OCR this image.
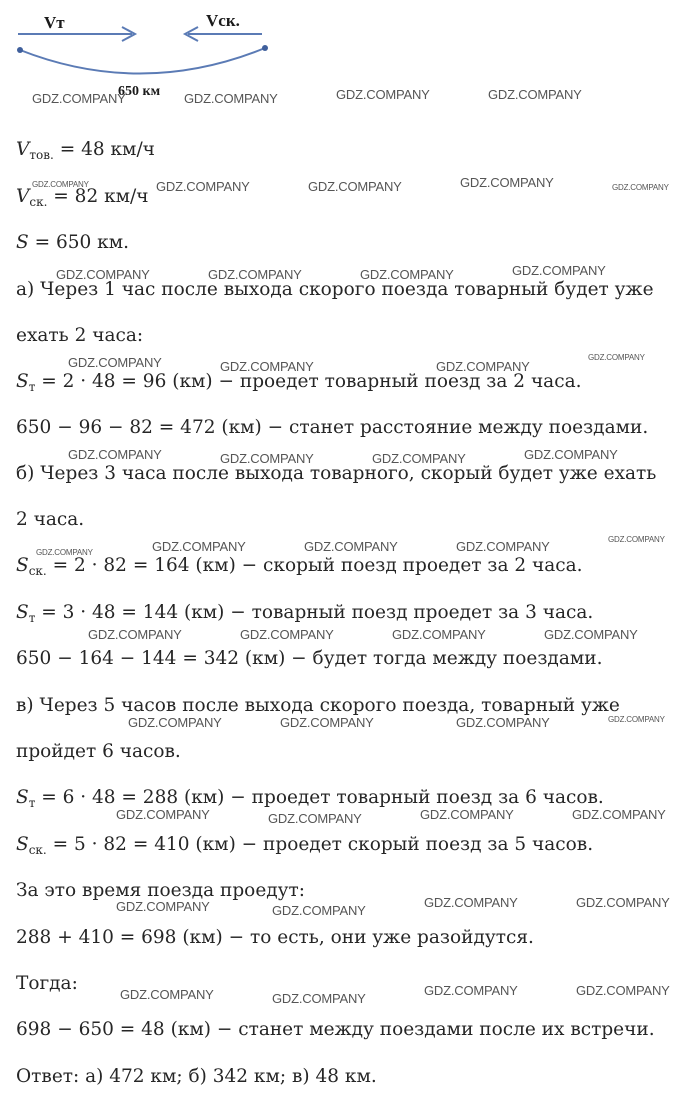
Vт	Vск.
650 км
$V_{тов.} = 48$ км/ч
$V_{ск.} = 82$ км/ч
S = 650 км.
а) Через 1 час после выхода скорого поезда товарный будет уже
ехать 2 часа:
$S_т = 2 \cdot 48 = 96$ (км) − проедет товарный поезд за 2 часа.
650 − 96 − 82 = 472 (км) − станет расстояние между поездами.
б) Через 3 часа после выхода товарного, скорый будет уже ехать
2 часа.
$S_{ск.} = 2 \cdot 82 = 164$ (км) − скорый поезд проедет за 2 часа.
$S_т = 3 \cdot 48 = 144$ (км) − товарный поезд проедет за 3 часа.
650 − 164 − 144 = 342 (км) − будет тогда между поездами.
в) Через 5 часов после выхода скорого поезда, товарный уже
пройдет 6 часов.
$S_т = 6 \cdot 48 = 288$ (км) − проедет товарный поезд за 6 часов.
$S_{ск.} = 5 \cdot 82 = 410$ (км) − проедет скорый поезд за 5 часов.
За это время поезда проедут:
288 + 410 = 698 (км) − то есть, они уже разойдутся.
Тогда:
698 − 650 = 48 (км) − станет между поездами после их встречи.
Ответ: а) 472 км; б) 342 км; в) 48 км.
GDZ.COMPANY	GDZ.COMPANY	GDZ.COMPANY	GDZ.COMPANY
GDZ.COMPANY	GDZ.COMPANY	GDZ.COMPANY	GDZ.COMPANY	GDZ.COMPANY
GDZ.COMPANY	GDZ.COMPANY	GDZ.COMPANY	GDZ.COMPANY
GDZ.COMPANY	GDZ.COMPANY	GDZ.COMPANY
GDZ.COMPANY
GDZ.COMPANY	GDZ.COMPANY	GDZ.COMPANY	GDZ.COMPANY
GDZ.COMPANY	GDZ.COMPANY	GDZ.COMPANY	GDZ.COMPANY	GDZ.COMPANY
GDZ.COMPANY	GDZ.COMPANY	GDZ.COMPANY	GDZ.COMPANY
GDZ.COMPANY	GDZ.COMPANY	GDZ.COMPANY	GDZ.COMPANY
GDZ.COMPANY	GDZ.COMPANY	GDZ.COMPANY	GDZ.COMPANY
GDZ.COMPANY	GDZ.COMPANY
GDZ.COMPANY	GDZ.COMPANY
GDZ.COMPANY	GDZ.COMPANY
GDZ.COMPANY	GDZ.COMPANY
